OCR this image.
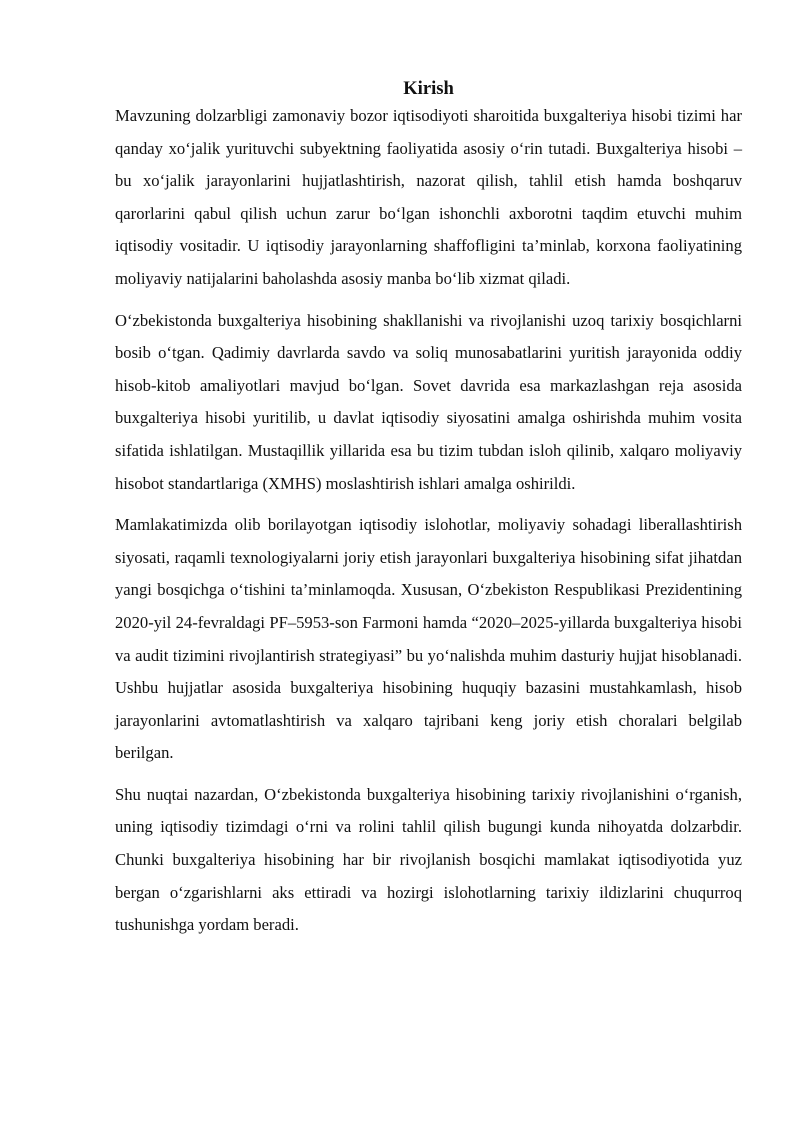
Kirish

Mavzuning dolzarbligi zamonaviy bozor iqtisodiyoti sharoitida buxgalteriya hisobi tizimi har qanday xo‘jalik yurituvchi subyektning faoliyatida asosiy o‘rin tutadi. Buxgalteriya hisobi – bu xo‘jalik jarayonlarini hujjatlashtirish, nazorat qilish, tahlil etish hamda boshqaruv qarorlarini qabul qilish uchun zarur bo‘lgan ishonchli axborotni taqdim etuvchi muhim iqtisodiy vositadir. U iqtisodiy jarayonlarning shaffofligini ta’minlab, korxona faoliyatining moliyaviy natijalarini baholashda asosiy manba bo‘lib xizmat qiladi.

O‘zbekistonda buxgalteriya hisobining shakllanishi va rivojlanishi uzoq tarixiy bosqichlarni bosib o‘tgan. Qadimiy davrlarda savdo va soliq munosabatlarini yuritish jarayonida oddiy hisob-kitob amaliyotlari mavjud bo‘lgan. Sovet davrida esa markazlashgan reja asosida buxgalteriya hisobi yuritilib, u davlat iqtisodiy siyosatini amalga oshirishda muhim vosita sifatida ishlatilgan. Mustaqillik yillarida esa bu tizim tubdan isloh qilinib, xalqaro moliyaviy hisobot standartlariga (XMHS) moslashtirish ishlari amalga oshirildi.

Mamlakatimizda olib borilayotgan iqtisodiy islohotlar, moliyaviy sohadagi liberallashtirish siyosati, raqamli texnologiyalarni joriy etish jarayonlari buxgalteriya hisobining sifat jihatdan yangi bosqichga o‘tishini ta’minlamoqda. Xususan, O‘zbekiston Respublikasi Prezidentining 2020-yil 24-fevraldagi PF–5953-son Farmoni hamda “2020–2025-yillarda buxgalteriya hisobi va audit tizimini rivojlantirish strategiyasi” bu yo‘nalishda muhim dasturiy hujjat hisoblanadi. Ushbu hujjatlar asosida buxgalteriya hisobining huquqiy bazasini mustahkamlash, hisob jarayonlarini avtomatlashtirish va xalqaro tajribani keng joriy etish choralari belgilab berilgan.

Shu nuqtai nazardan, O‘zbekistonda buxgalteriya hisobining tarixiy rivojlanishini o‘rganish, uning iqtisodiy tizimdagi o‘rni va rolini tahlil qilish bugungi kunda nihoyatda dolzarbdir. Chunki buxgalteriya hisobining har bir rivojlanish bosqichi mamlakat iqtisodiyotida yuz bergan o‘zgarishlarni aks ettiradi va hozirgi islohotlarning tarixiy ildizlarini chuqurroq tushunishga yordam beradi.
